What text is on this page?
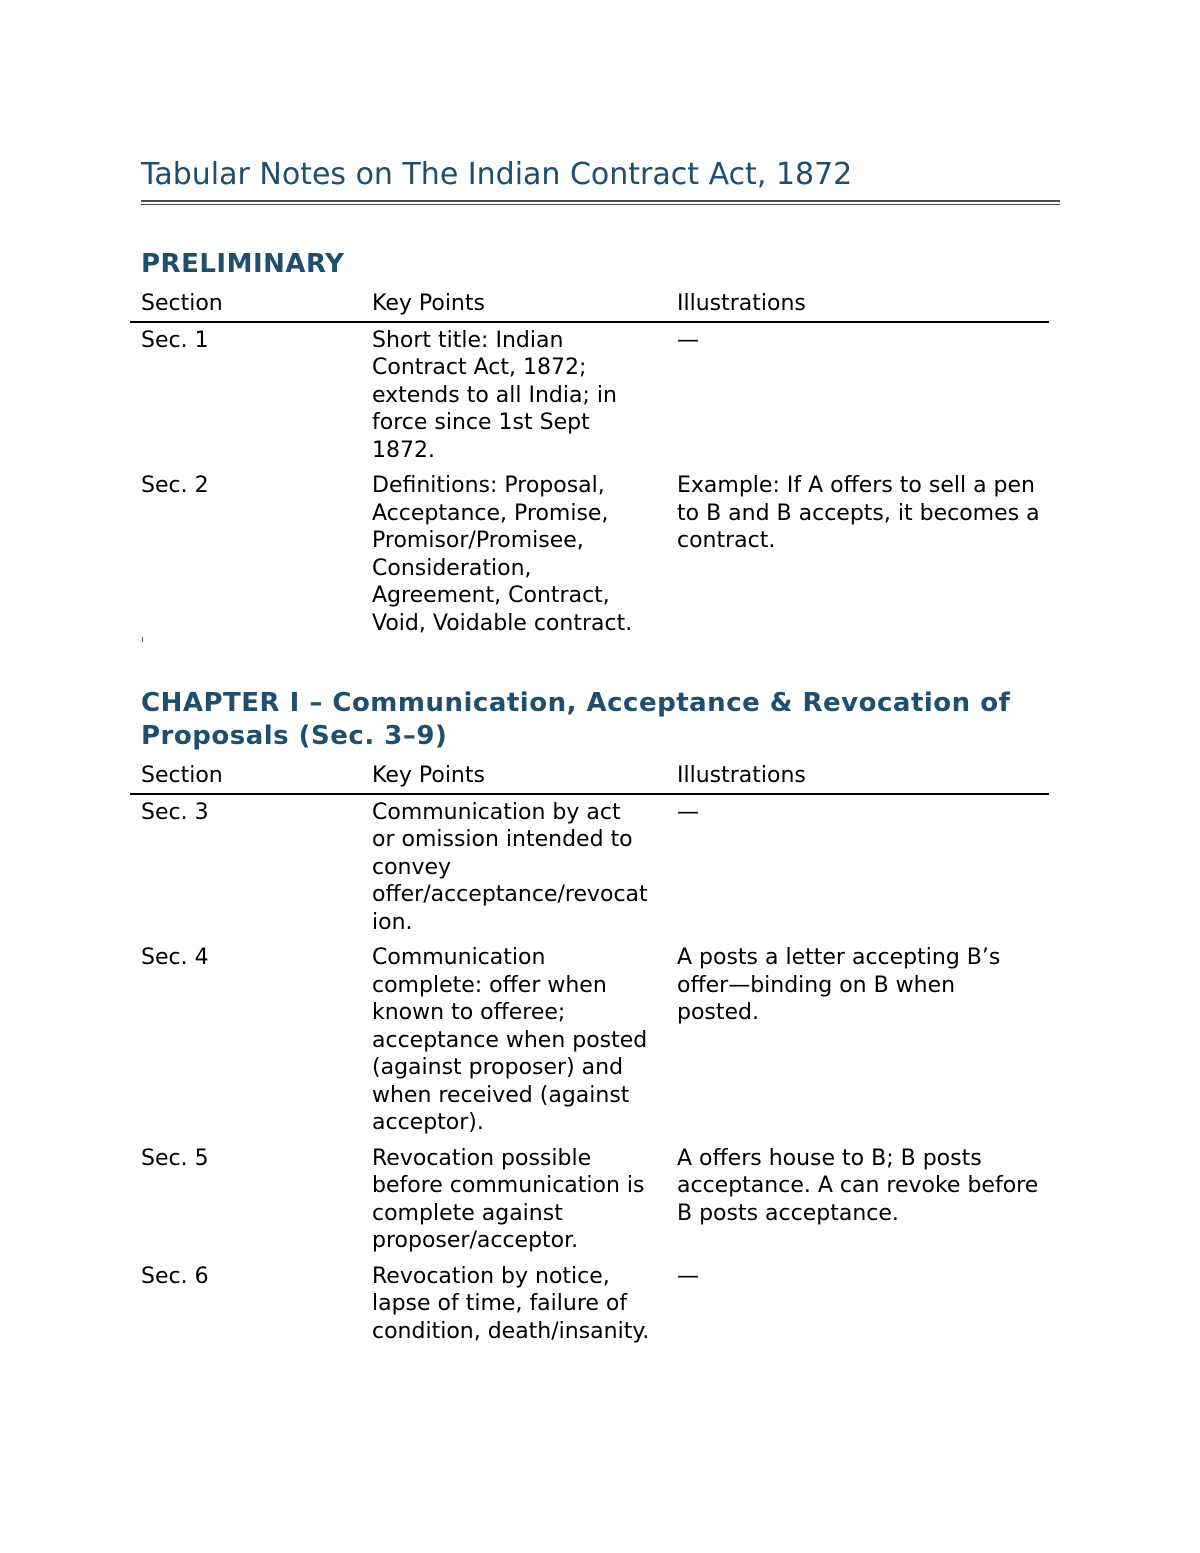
Tabular Notes on The Indian Contract Act, 1872
PRELIMINARY
Section	Key Points	Illustrations
Sec. 1	Short title: Indian Contract Act, 1872; extends to all India; in force since 1st Sept 1872.	—
Sec. 2	Definitions: Proposal, Acceptance, Promise, Promisor/Promisee, Consideration, Agreement, Contract, Void, Voidable contract.	Example: If A offers to sell a pen to B and B accepts, it becomes a contract.
CHAPTER I – Communication, Acceptance & Revocation of Proposals (Sec. 3–9)
Section	Key Points	Illustrations
Sec. 3	Communication by act or omission intended to convey offer/acceptance/revocation.	—
Sec. 4	Communication complete: offer when known to offeree; acceptance when posted (against proposer) and when received (against acceptor).	A posts a letter accepting B’s offer—binding on B when posted.
Sec. 5	Revocation possible before communication is complete against proposer/acceptor.	A offers house to B; B posts acceptance. A can revoke before B posts acceptance.
Sec. 6	Revocation by notice, lapse of time, failure of condition, death/insanity.	—
